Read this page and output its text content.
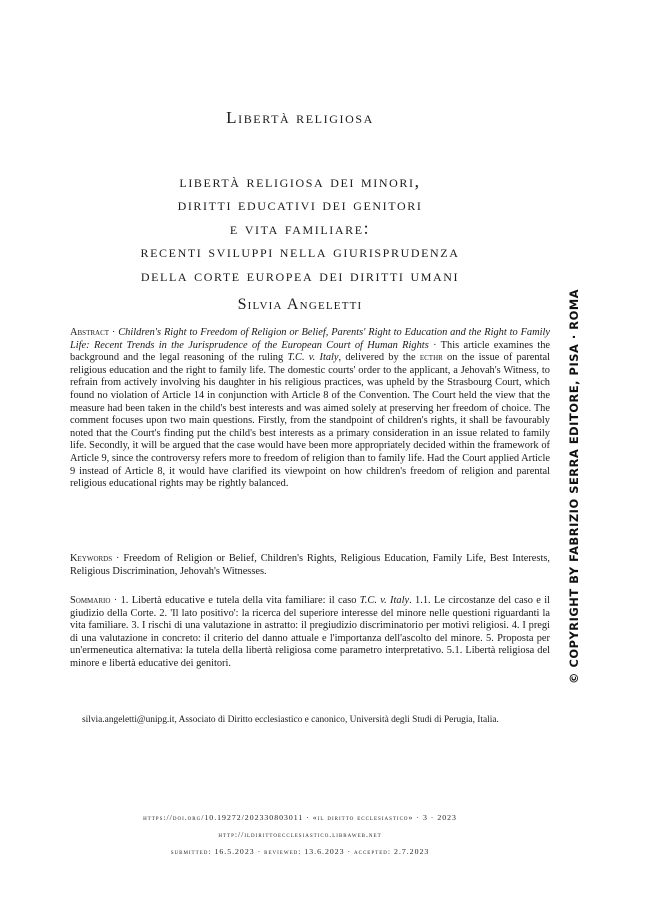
Libertà religiosa
libertà religiosa dei minori,
diritti educativi dei genitori
e vita familiare:
recenti sviluppi nella giurisprudenza
della corte europea dei diritti umani
Silvia Angeletti

Abstract · Children's Right to Freedom of Religion or Belief, Parents' Right to Education and the Right to Family Life: Recent Trends in the Jurisprudence of the European Court of Human Rights · This article examines the background and the legal reasoning of the ruling T.C. v. Italy, delivered by the ecthr on the issue of parental religious education and the right to family life. The domestic courts' order to the applicant, a Jehovah's Witness, to refrain from actively involving his daughter in his religious practices, was upheld by the Strasbourg Court, which found no violation of Article 14 in conjunction with Article 8 of the Convention. The Court held the view that the measure had been taken in the child's best interests and was aimed solely at preserving her freedom of choice. The comment focuses upon two main questions. Firstly, from the standpoint of children's rights, it shall be favourably noted that the Court's finding put the child's best interests as a primary consideration in an issue related to family life. Secondly, it will be argued that the case would have been more appropriately decided within the framework of Article 9, since the controversy refers more to freedom of religion than to family life. Had the Court applied Article 9 instead of Article 8, it would have clarified its viewpoint on how children's freedom of religion and parental religious educational rights may be rightly balanced.

Keywords · Freedom of Religion or Belief, Children's Rights, Religious Education, Family Life, Best Interests, Religious Discrimination, Jehovah's Witnesses.

Sommario · 1. Libertà educative e tutela della vita familiare: il caso T.C. v. Italy. 1.1. Le circostanze del caso e il giudizio della Corte. 2. 'Il lato positivo': la ricerca del superiore interesse del minore nelle questioni riguardanti la vita familiare. 3. I rischi di una valutazione in astratto: il pregiudizio discriminatorio per motivi religiosi. 4. I pregi di una valutazione in concreto: il criterio del danno attuale e l'importanza dell'ascolto del minore. 5. Proposta per un'ermeneutica alternativa: la tutela della libertà religiosa come parametro interpretativo. 5.1. Libertà religiosa del minore e libertà educative dei genitori.

silvia.angeletti@unipg.it, Associato di Diritto ecclesiastico e canonico, Università degli Studi di Perugia, Italia.

https://doi.org/10.19272/202330803011 · «il diritto ecclesiastico» · 3 · 2023
http://ildirittoecclesiastico.libraweb.net
submitted: 16.5.2023 · reviewed: 13.6.2023 · accepted: 2.7.2023
© COPYRIGHT BY FABRIZIO SERRA EDITORE, PISA · ROMA
